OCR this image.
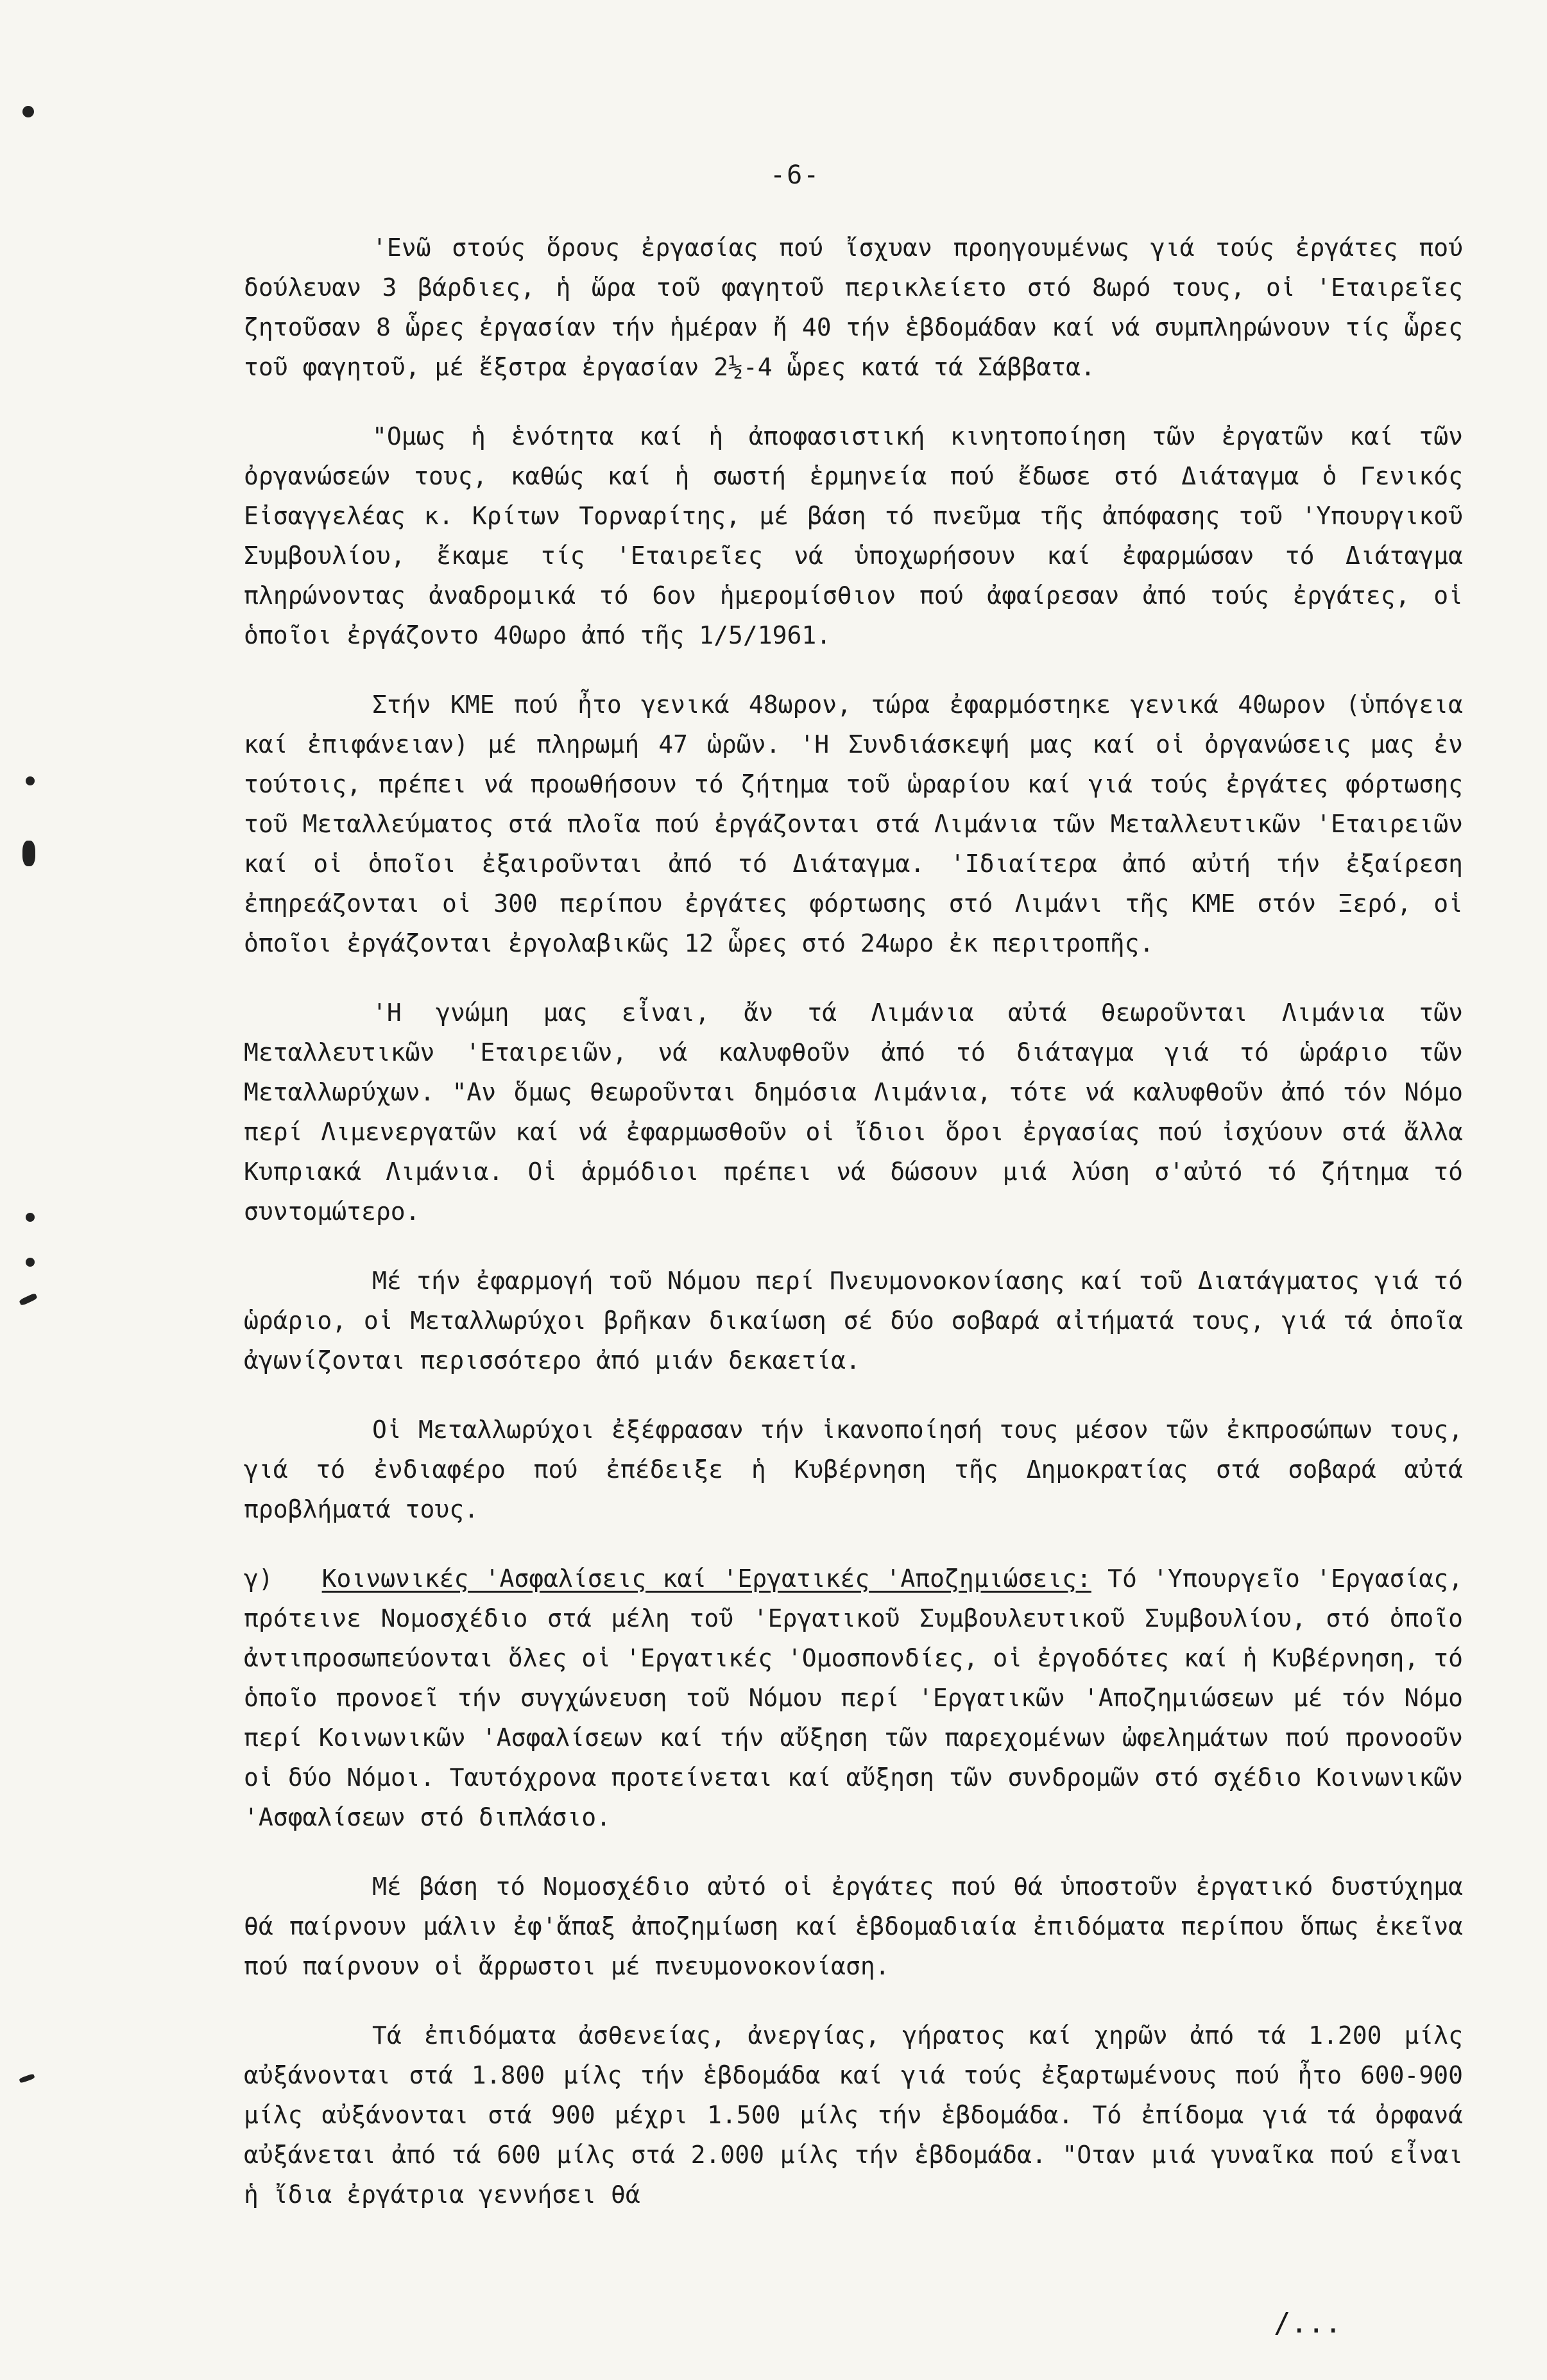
-6-

'Ενῶ στούς ὅρους ἐργασίας πού ἴσχυαν προηγουμένως γιά τούς ἐργάτες πού δούλευαν 3 βάρδιες, ἡ ὥρα τοῦ φαγητοῦ περικλείετο στό 8ωρό τους, οἱ 'Εταιρεῖες ζητοῦσαν 8 ὧρες ἐργασίαν τήν ἡμέραν ἤ 40 τήν ἑβδομάδαν καί νά συμπληρώνουν τίς ὧρες τοῦ φαγητοῦ, μέ ἔξστρα ἐργασίαν 2½-4 ὧρες κατά τά Σάββατα.

"Ομως ἡ ἑνότητα καί ἡ ἀποφασιστική κινητοποίηση τῶν ἐργατῶν καί τῶν ὀργανώσεών τους, καθώς καί ἡ σωστή ἑρμηνεία πού ἔδωσε στό Διάταγμα ὁ Γενικός Εἰσαγγελέας κ. Κρίτων Τορναρίτης, μέ βάση τό πνεῦμα τῆς ἀπόφασης τοῦ 'Υπουργικοῦ Συμβουλίου, ἔκαμε τίς 'Εταιρεῖες νά ὑποχωρήσουν καί ἐφαρμώσαν τό Διάταγμα πληρώνοντας ἀναδρομικά τό 6ον ἡμερομίσθιον πού ἀφαίρεσαν ἀπό τούς ἐργάτες, οἱ ὁποῖοι ἐργάζοντο 40ωρο ἀπό τῆς 1/5/1961.

Στήν ΚΜΕ πού ἦτο γενικά 48ωρον, τώρα ἐφαρμόστηκε γενικά 40ωρον (ὑπόγεια καί ἐπιφάνειαν) μέ πληρωμή 47 ὡρῶν. 'Η Συνδιάσκεψή μας καί οἱ ὀργανώσεις μας ἐν τούτοις, πρέπει νά προωθήσουν τό ζήτημα τοῦ ὡραρίου καί γιά τούς ἐργάτες φόρτωσης τοῦ Μεταλλεύματος στά πλοῖα πού ἐργάζονται στά Λιμάνια τῶν Μεταλλευτικῶν 'Εταιρειῶν καί οἱ ὁποῖοι ἐξαιροῦνται ἀπό τό Διάταγμα. 'Ιδιαίτερα ἀπό αὐτή τήν ἐξαίρεση ἐπηρεάζονται οἱ 300 περίπου ἐργάτες φόρτωσης στό Λιμάνι τῆς ΚΜΕ στόν Ξερό, οἱ ὁποῖοι ἐργάζονται ἐργολαβικῶς 12 ὧρες στό 24ωρο ἐκ περιτροπῆς.

'Η γνώμη μας εἶναι, ἄν τά Λιμάνια αὐτά θεωροῦνται Λιμάνια τῶν Μεταλλευτικῶν 'Εταιρειῶν, νά καλυφθοῦν ἀπό τό διάταγμα γιά τό ὡράριο τῶν Μεταλλωρύχων. "Αν ὅμως θεωροῦνται δημόσια Λιμάνια, τότε νά καλυφθοῦν ἀπό τόν Νόμο περί Λιμενεργατῶν καί νά ἐφαρμωσθοῦν οἱ ἴδιοι ὅροι ἐργασίας πού ἰσχύουν στά ἄλλα Κυπριακά Λιμάνια. Οἱ ἁρμόδιοι πρέπει νά δώσουν μιά λύση σ'αὐτό τό ζήτημα τό συντομώτερο.

Μέ τήν ἐφαρμογή τοῦ Νόμου περί Πνευμονοκονίασης καί τοῦ Διατάγματος γιά τό ὡράριο, οἱ Μεταλλωρύχοι βρῆκαν δικαίωση σέ δύο σοβαρά αἰτήματά τους, γιά τά ὁποῖα ἀγωνίζονται περισσότερο ἀπό μιάν δεκαετία.

Οἱ Μεταλλωρύχοι ἐξέφρασαν τήν ἱκανοποίησή τους μέσον τῶν ἐκπροσώπων τους, γιά τό ἐνδιαφέρο πού ἐπέδειξε ἡ Κυβέρνηση τῆς Δημοκρατίας στά σοβαρά αὐτά προβλήματά τους.

γ) Κοινωνικές 'Ασφαλίσεις καί 'Εργατικές 'Αποζημιώσεις: Τό 'Υπουργεῖο 'Εργασίας, πρότεινε Νομοσχέδιο στά μέλη τοῦ 'Εργατικοῦ Συμβουλευτικοῦ Συμβουλίου, στό ὁποῖο ἀντιπροσωπεύονται ὅλες οἱ 'Εργατικές 'Ομοσπονδίες, οἱ ἐργοδότες καί ἡ Κυβέρνηση, τό ὁποῖο προνοεῖ τήν συγχώνευση τοῦ Νόμου περί 'Εργατικῶν 'Αποζημιώσεων μέ τόν Νόμο περί Κοινωνικῶν 'Ασφαλίσεων καί τήν αὔξηση τῶν παρεχομένων ὠφελημάτων πού προνοοῦν οἱ δύο Νόμοι. Ταυτόχρονα προτείνεται καί αὔξηση τῶν συνδρομῶν στό σχέδιο Κοινωνικῶν 'Ασφαλίσεων στό διπλάσιο.

Μέ βάση τό Νομοσχέδιο αὐτό οἱ ἐργάτες πού θά ὑποστοῦν ἐργατικό δυστύχημα θά παίρνουν μάλιν ἐφ'ἅπαξ ἀποζημίωση καί ἑβδομαδιαία ἐπιδόματα περίπου ὅπως ἐκεῖνα πού παίρνουν οἱ ἄρρωστοι μέ πνευμονοκονίαση.

Τά ἐπιδόματα ἀσθενείας, ἀνεργίας, γήρατος καί χηρῶν ἀπό τά 1.200 μίλς αὐξάνονται στά 1.800 μίλς τήν ἑβδομάδα καί γιά τούς ἐξαρτωμένους πού ἦτο 600-900 μίλς αὐξάνονται στά 900 μέχρι 1.500 μίλς τήν ἑβδομάδα. Τό ἐπίδομα γιά τά ὀρφανά αὐξάνεται ἀπό τά 600 μίλς στά 2.000 μίλς τήν ἑβδομάδα. "Οταν μιά γυναῖκα πού εἶναι ἡ ἴδια ἐργάτρια γεννήσει θά

/...
